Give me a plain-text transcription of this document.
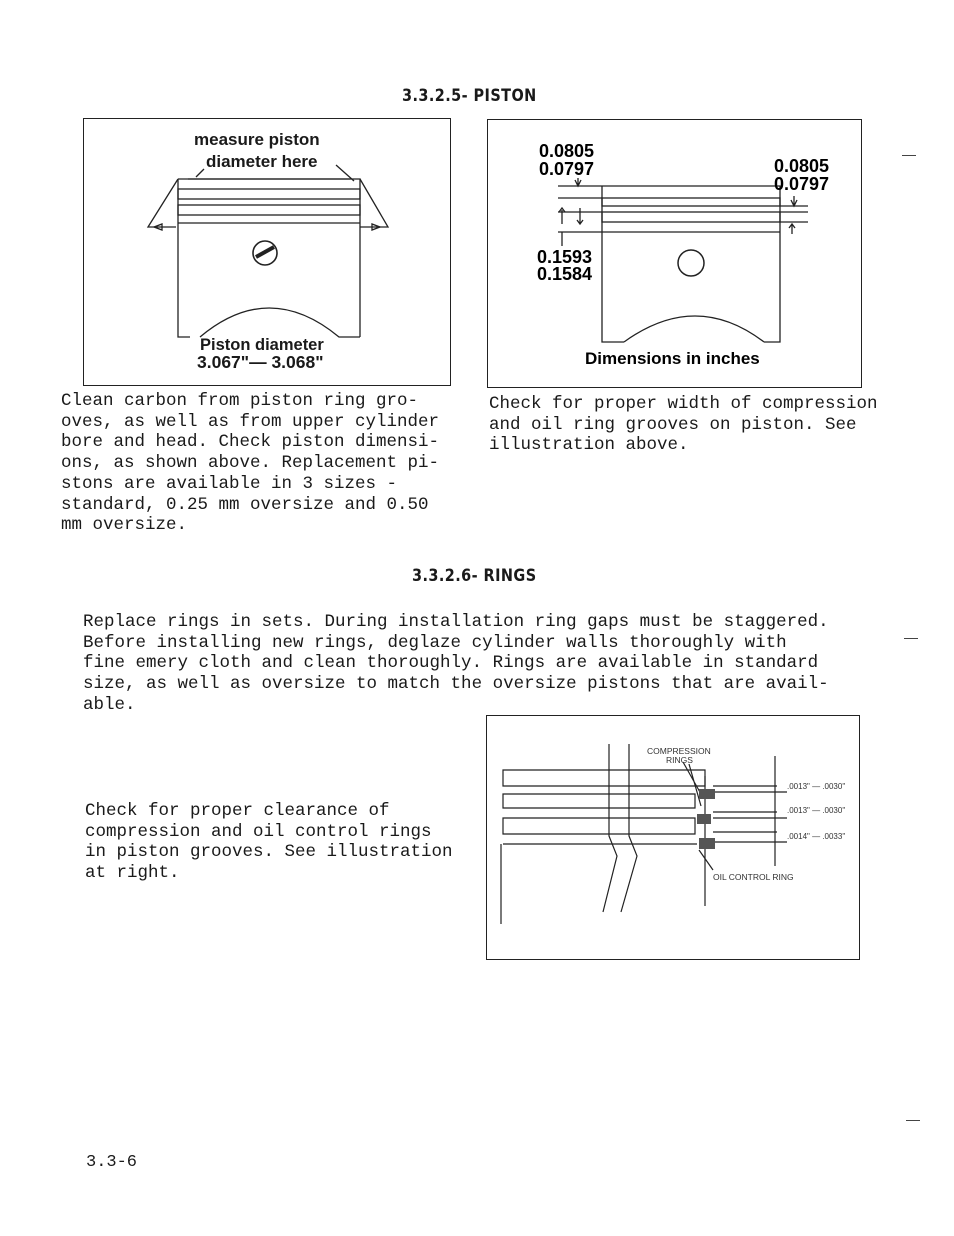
3.3.2.5- PISTON
measure piston
diameter here
Piston diameter
3.067"— 3.068"
0.0805
0.0797	0.0805
0.0797
0.1593
0.1584
Dimensions in inches
Clean carbon from piston ring gro-
oves, as well as from upper cylinder
bore and head. Check piston dimensi-
ons, as shown above. Replacement pi-
stons are available in 3 sizes -
standard, 0.25 mm oversize and 0.50
mm oversize.
Check for proper width of compression
and oil ring grooves on piston. See
illustration above.
3.3.2.6- RINGS
Replace rings in sets. During installation ring gaps must be staggered.
Before installing new rings, deglaze cylinder walls thoroughly with
fine emery cloth and clean thoroughly. Rings are available in standard
size, as well as oversize to match the oversize pistons that are avail-
able.
Check for proper clearance of
compression and oil control rings
in piston grooves. See illustration
at right.
COMPRESSION
RINGS
.0013" — .0030"
.0013" — .0030"
.0014" — .0033"
OIL CONTROL RING
3.3-6
